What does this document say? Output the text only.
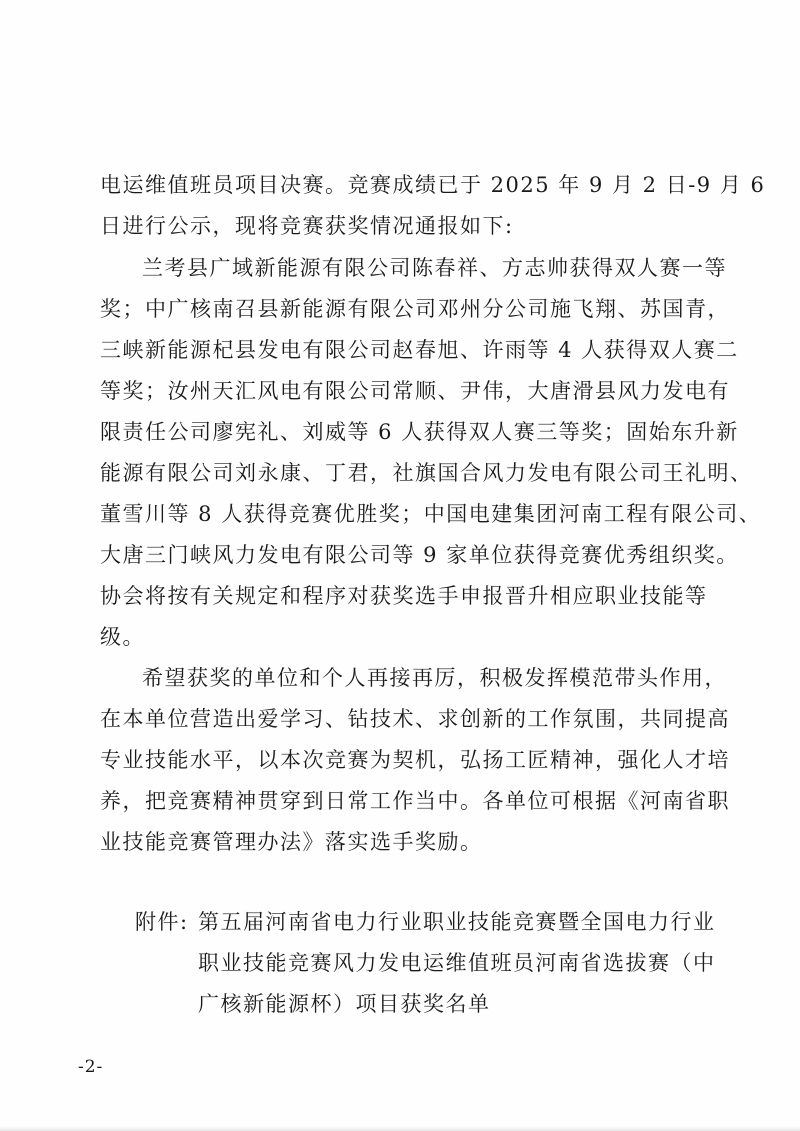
电运维值班员项目决赛。竞赛成绩已于 2025 年 9 月 2 日-9 月 6
日进行公示，现将竞赛获奖情况通报如下:
兰考县广域新能源有限公司陈春祥、方志帅获得双人赛一等
奖；中广核南召县新能源有限公司邓州分公司施飞翔、苏国青，
三峡新能源杞县发电有限公司赵春旭、许雨等 4 人获得双人赛二
等奖；汝州天汇风电有限公司常顺、尹伟，大唐滑县风力发电有
限责任公司廖宪礼、刘威等 6 人获得双人赛三等奖；固始东升新
能源有限公司刘永康、丁君，社旗国合风力发电有限公司王礼明、
董雪川等 8 人获得竞赛优胜奖；中国电建集团河南工程有限公司、
大唐三门峡风力发电有限公司等 9 家单位获得竞赛优秀组织奖。
协会将按有关规定和程序对获奖选手申报晋升相应职业技能等
级。
希望获奖的单位和个人再接再厉，积极发挥模范带头作用，
在本单位营造出爱学习、钻技术、求创新的工作氛围，共同提高
专业技能水平，以本次竞赛为契机，弘扬工匠精神，强化人才培
养，把竞赛精神贯穿到日常工作当中。各单位可根据《河南省职
业技能竞赛管理办法》落实选手奖励。
附件: 第五届河南省电力行业职业技能竞赛暨全国电力行业
职业技能竞赛风力发电运维值班员河南省选拔赛（中
广核新能源杯）项目获奖名单
-2-
